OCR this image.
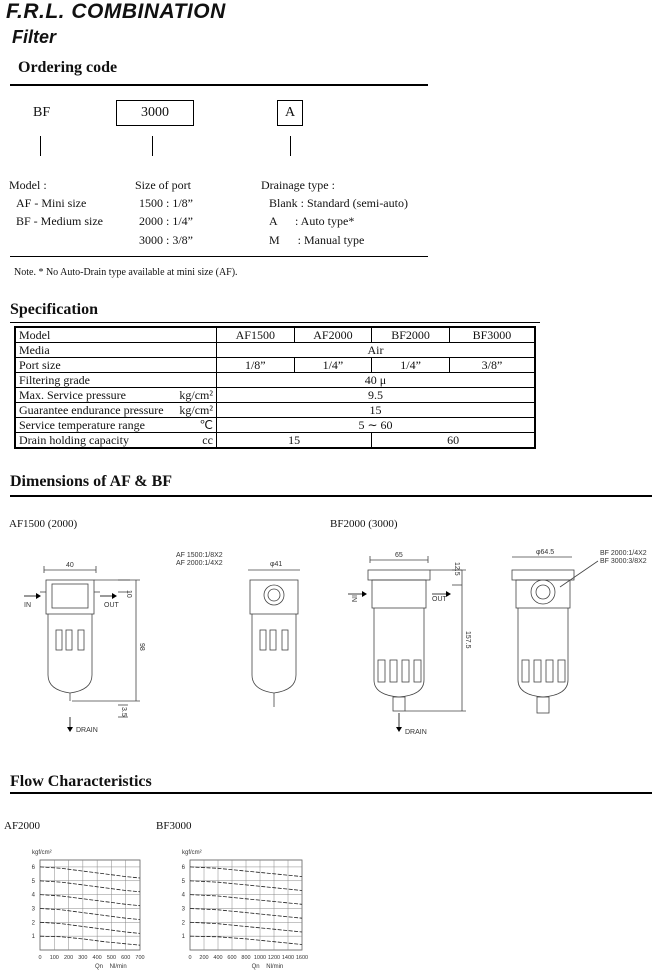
F.R.L. COMBINATION
Filter
Ordering code
BF	3000	A
Model :
AF - Mini size
BF - Medium size
Size of port
1500 : 1/8”
2000 : 1/4”
3000 : 3/8”
Drainage type :
Blank : Standard (semi-auto)
A      : Auto type*
M      : Manual type
Note. * No Auto-Drain type available at mini size (AF).
Specification
Model	AF1500	AF2000	BF2000	BF3000
Media	Air			
Port size	1/8”	1/4”	1/4”	3/8”
Filtering grade	40 μ			
Max. Service pressure kg/cm²	9.5			
Guarantee endurance pressure kg/cm²	15			
Service temperature range ℃	5 ∼ 60			
Drain holding capacity cc	15		60	
Dimensions of AF & BF
AF1500 (2000)	BF2000 (3000)
40
IN	OUT
10
98
3.5
DRAIN
AF 1500:1/8X2
AF 2000:1/4X2	φ41
65
IN	OUT
12.5
157.5
DRAIN
φ64.5	BF 2000:1/4X2
BF 3000:3/8X2
Flow Characteristics
AF2000	BF3000
0 100 200 300 400 500 600 700
1
2
3
4
5
6
kgf/cm²
Qn    Nl/min
0 200 400 600 800 1000 1200 1400 1600
1
2
3
4
5
6
kgf/cm²
Qn    Nl/min
